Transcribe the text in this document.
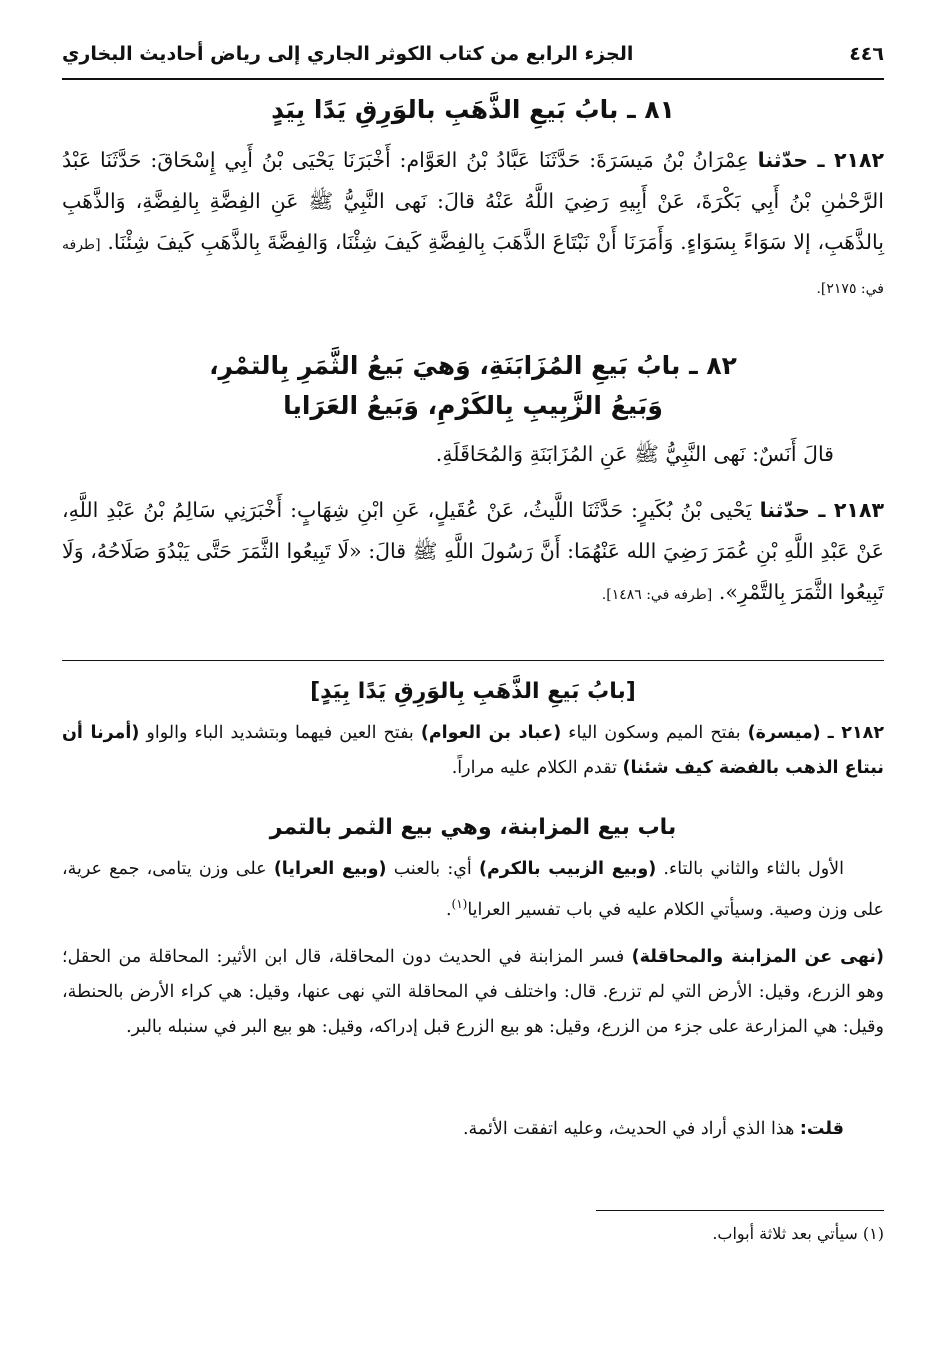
٤٤٦
الجزء الرابع من كتاب الكوثر الجاري إلى رياض أحاديث البخاري
٨١ ـ بابُ بَيعِ الذَّهَبِ بالوَرِقِ يَدًا بِيَدٍ
٢١٨٢ ـ حدّثنا عِمْرَانُ بْنُ مَيسَرَةَ: حَدَّثَنَا عَبَّادُ بْنُ العَوَّام: أَخْبَرَنَا يَحْيَى بْنُ أَبِي إِسْحَاقَ: حَدَّثَنَا عَبْدُ الرَّحْمٰنِ بْنُ أَبِي بَكْرَةَ، عَنْ أَبِيهِ رَضِيَ اللَّهُ عَنْهُ قالَ: نَهى النَّبِيُّ ﷺ عَنِ الفِضَّةِ بِالفِضَّةِ، وَالذَّهَبِ بِالذَّهَبِ، إلا سَوَاءً بِسَوَاءٍ. وَأَمَرَنَا أَنْ نَبْتَاعَ الذَّهَبَ بِالفِضَّةِ كَيفَ شِئْنَا، وَالفِضَّةَ بِالذَّهَبِ كَيفَ شِئْنَا. [طرفه في: ٢١٧٥].
٨٢ ـ بابُ بَيعِ المُزَابَنَةِ، وَهيَ بَيعُ الثَّمَرِ بِالتمْرِ،
وَبَيعُ الزَّبِيبِ بِالكَرْمِ، وَبَيعُ العَرَايا
قالَ أَنَسٌ: نَهى النَّبِيُّ ﷺ عَنِ المُزَابَنَةِ وَالمُحَاقَلَةِ.
٢١٨٣ ـ حدّثنا يَحْيى بْنُ بُكَيرٍ: حَدَّثَنَا اللَّيثُ، عَنْ عُقَيلٍ، عَنِ ابْنِ شِهَابٍ: أَخْبَرَنِي سَالِمُ بْنُ عَبْدِ اللَّهِ، عَنْ عَبْدِ اللَّهِ بْنِ عُمَرَ رَضِيَ الله عَنْهُمَا: أَنَّ رَسُولَ اللَّهِ ﷺ قالَ: «لَا تَبِيعُوا الثَّمَرَ حَتَّى يَبْدُوَ صَلَاحُهُ، وَلَا تَبِيعُوا الثَّمَرَ بِالتَّمْرِ». [طرفه في: ١٤٨٦].
[بابُ بَيعِ الذَّهَبِ بِالوَرِقِ يَدًا بِيَدٍ]
٢١٨٢ ـ (ميسرة) بفتح الميم وسكون الياء (عباد بن العوام) بفتح العين فيهما وبتشديد الباء والواو (أمرنا أن نبتاع الذهب بالفضة كيف شئنا) تقدم الكلام عليه مراراً.
باب بيع المزابنة، وهي بيع الثمر بالتمر
الأول بالثاء والثاني بالتاء. (وبيع الزبيب بالكرم) أي: بالعنب (وبيع العرايا) على وزن يتامى، جمع عرية، على وزن وصية. وسيأتي الكلام عليه في باب تفسير العرايا$^{(١)}$.
(نهى عن المزابنة والمحاقلة) فسر المزابنة في الحديث دون المحاقلة، قال ابن الأثير: المحاقلة من الحقل؛ وهو الزرع، وقيل: الأرض التي لم تزرع. قال: واختلف في المحاقلة التي نهى عنها، وقيل: هي كراء الأرض بالحنطة، وقيل: هي المزارعة على جزء من الزرع، وقيل: هو بيع الزرع قبل إدراكه، وقيل: هو بيع البر في سنبله بالبر.
قلت: هذا الذي أراد في الحديث، وعليه اتفقت الأئمة.
(١) سيأتي بعد ثلاثة أبواب.
